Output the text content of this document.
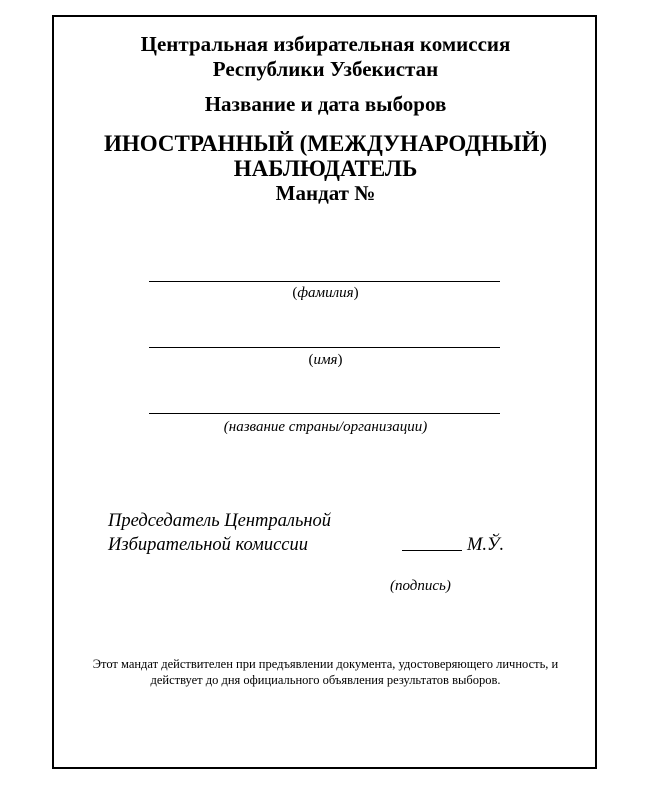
Центральная избирательная комиссия
Республики Узбекистан
Название и дата выборов
ИНОСТРАННЫЙ (МЕЖДУНАРОДНЫЙ)
НАБЛЮДАТЕЛЬ
Мандат №
(фамилия)
(имя)
(название страны/организации)
Председатель Центральной
Избирательной комиссии	М.Ў.
(подпись)
Этот мандат действителен при предъявлении документа, удостоверяющего личность, и
действует до дня официального объявления результатов выборов.
